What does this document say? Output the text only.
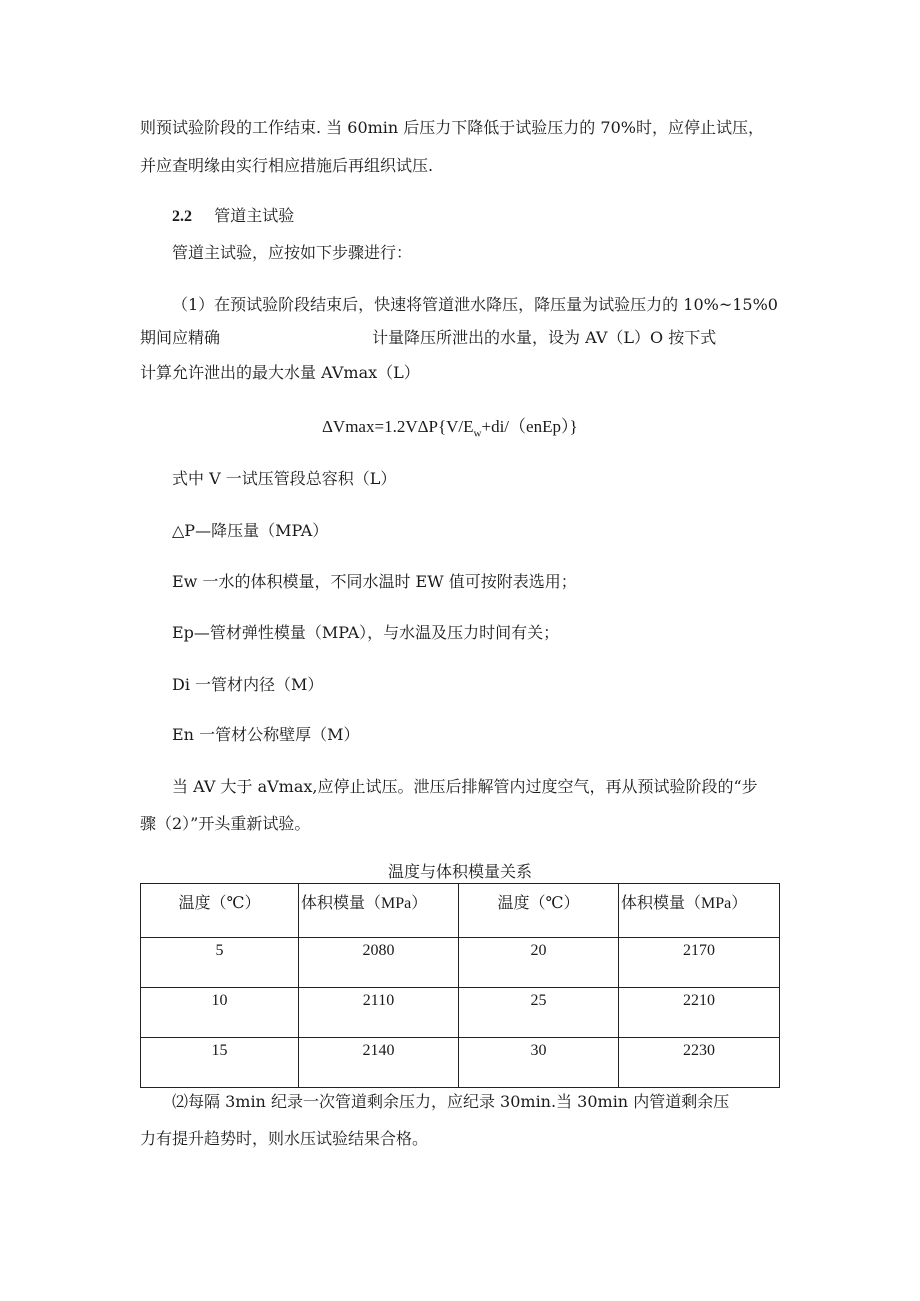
则预试验阶段的工作结束. 当 60min 后压力下降低于试验压力的 70%时，应停止试压，
并应查明缘由实行相应措施后再组织试压.
2.2 管道主试验
管道主试验，应按如下步骤进行：
（1）在预试验阶段结束后，快速将管道泄水降压，降压量为试验压力的 10%~15%0
期间应精确	计量降压所泄出的水量，设为 AV（L）O 按下式
计算允许泄出的最大水量 AVmax（L）
$\Delta Vmax=1.2V\Delta P\{V/E_w+di/(enEp)\}$
式中 V 一试压管段总容积（L）
△P—降压量（MPA）
Ew 一水的体积模量，不同水温时 EW 值可按附表选用；
Ep—管材弹性模量（MPA），与水温及压力时间有关；
Di 一管材内径（M）
En 一管材公称壁厚（M）
当 AV 大于 aVmax,应停止试压。泄压后排解管内过度空气，再从预试验阶段的“步
骤（2）”开头重新试验。
温度与体积模量关系
温度（℃）	体积模量（MPa）	温度（℃）	体积模量（MPa）
5	2080	20	2170
10	2110	25	2210
15	2140	30	2230
⑵每隔 3min 纪录一次管道剩余压力，应纪录 30min.当 30min 内管道剩余压
力有提升趋势时，则水压试验结果合格。
